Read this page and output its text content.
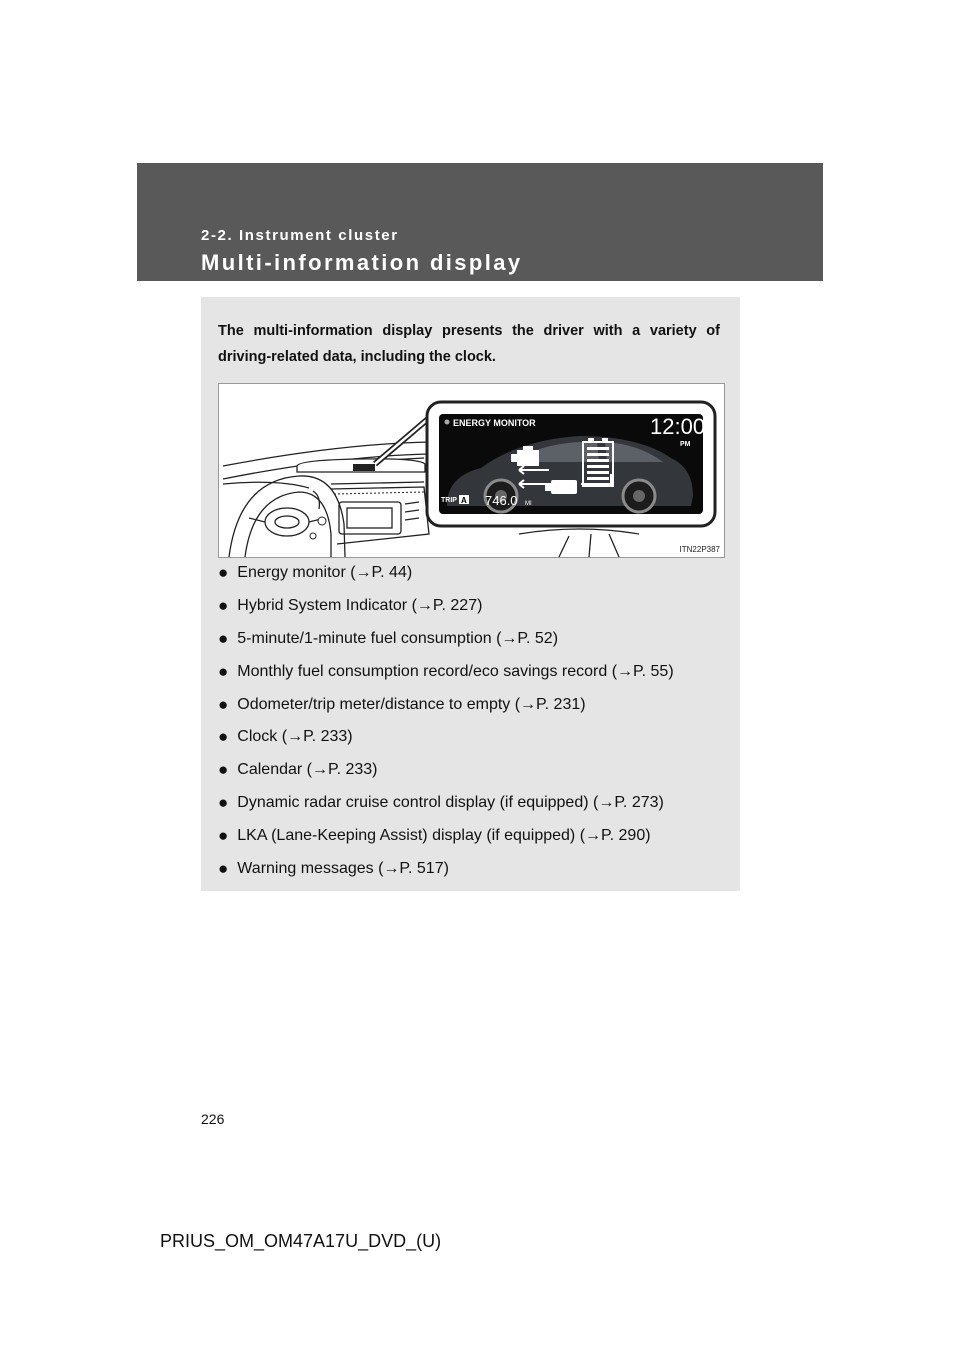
2-2. Instrument cluster
Multi-information display
The multi-information display presents the driver with a variety of driving-related data, including the clock.
ENERGY MONITOR	12:00
PM
TRIP A 746.0 MI
ITN22P387
● Energy monitor (→P. 44)
● Hybrid System Indicator (→P. 227)
● 5-minute/1-minute fuel consumption (→P. 52)
● Monthly fuel consumption record/eco savings record (→P. 55)
● Odometer/trip meter/distance to empty (→P. 231)
● Clock (→P. 233)
● Calendar (→P. 233)
● Dynamic radar cruise control display (if equipped) (→P. 273)
● LKA (Lane-Keeping Assist) display (if equipped) (→P. 290)
● Warning messages (→P. 517)
226
PRIUS_OM_OM47A17U_DVD_(U)
